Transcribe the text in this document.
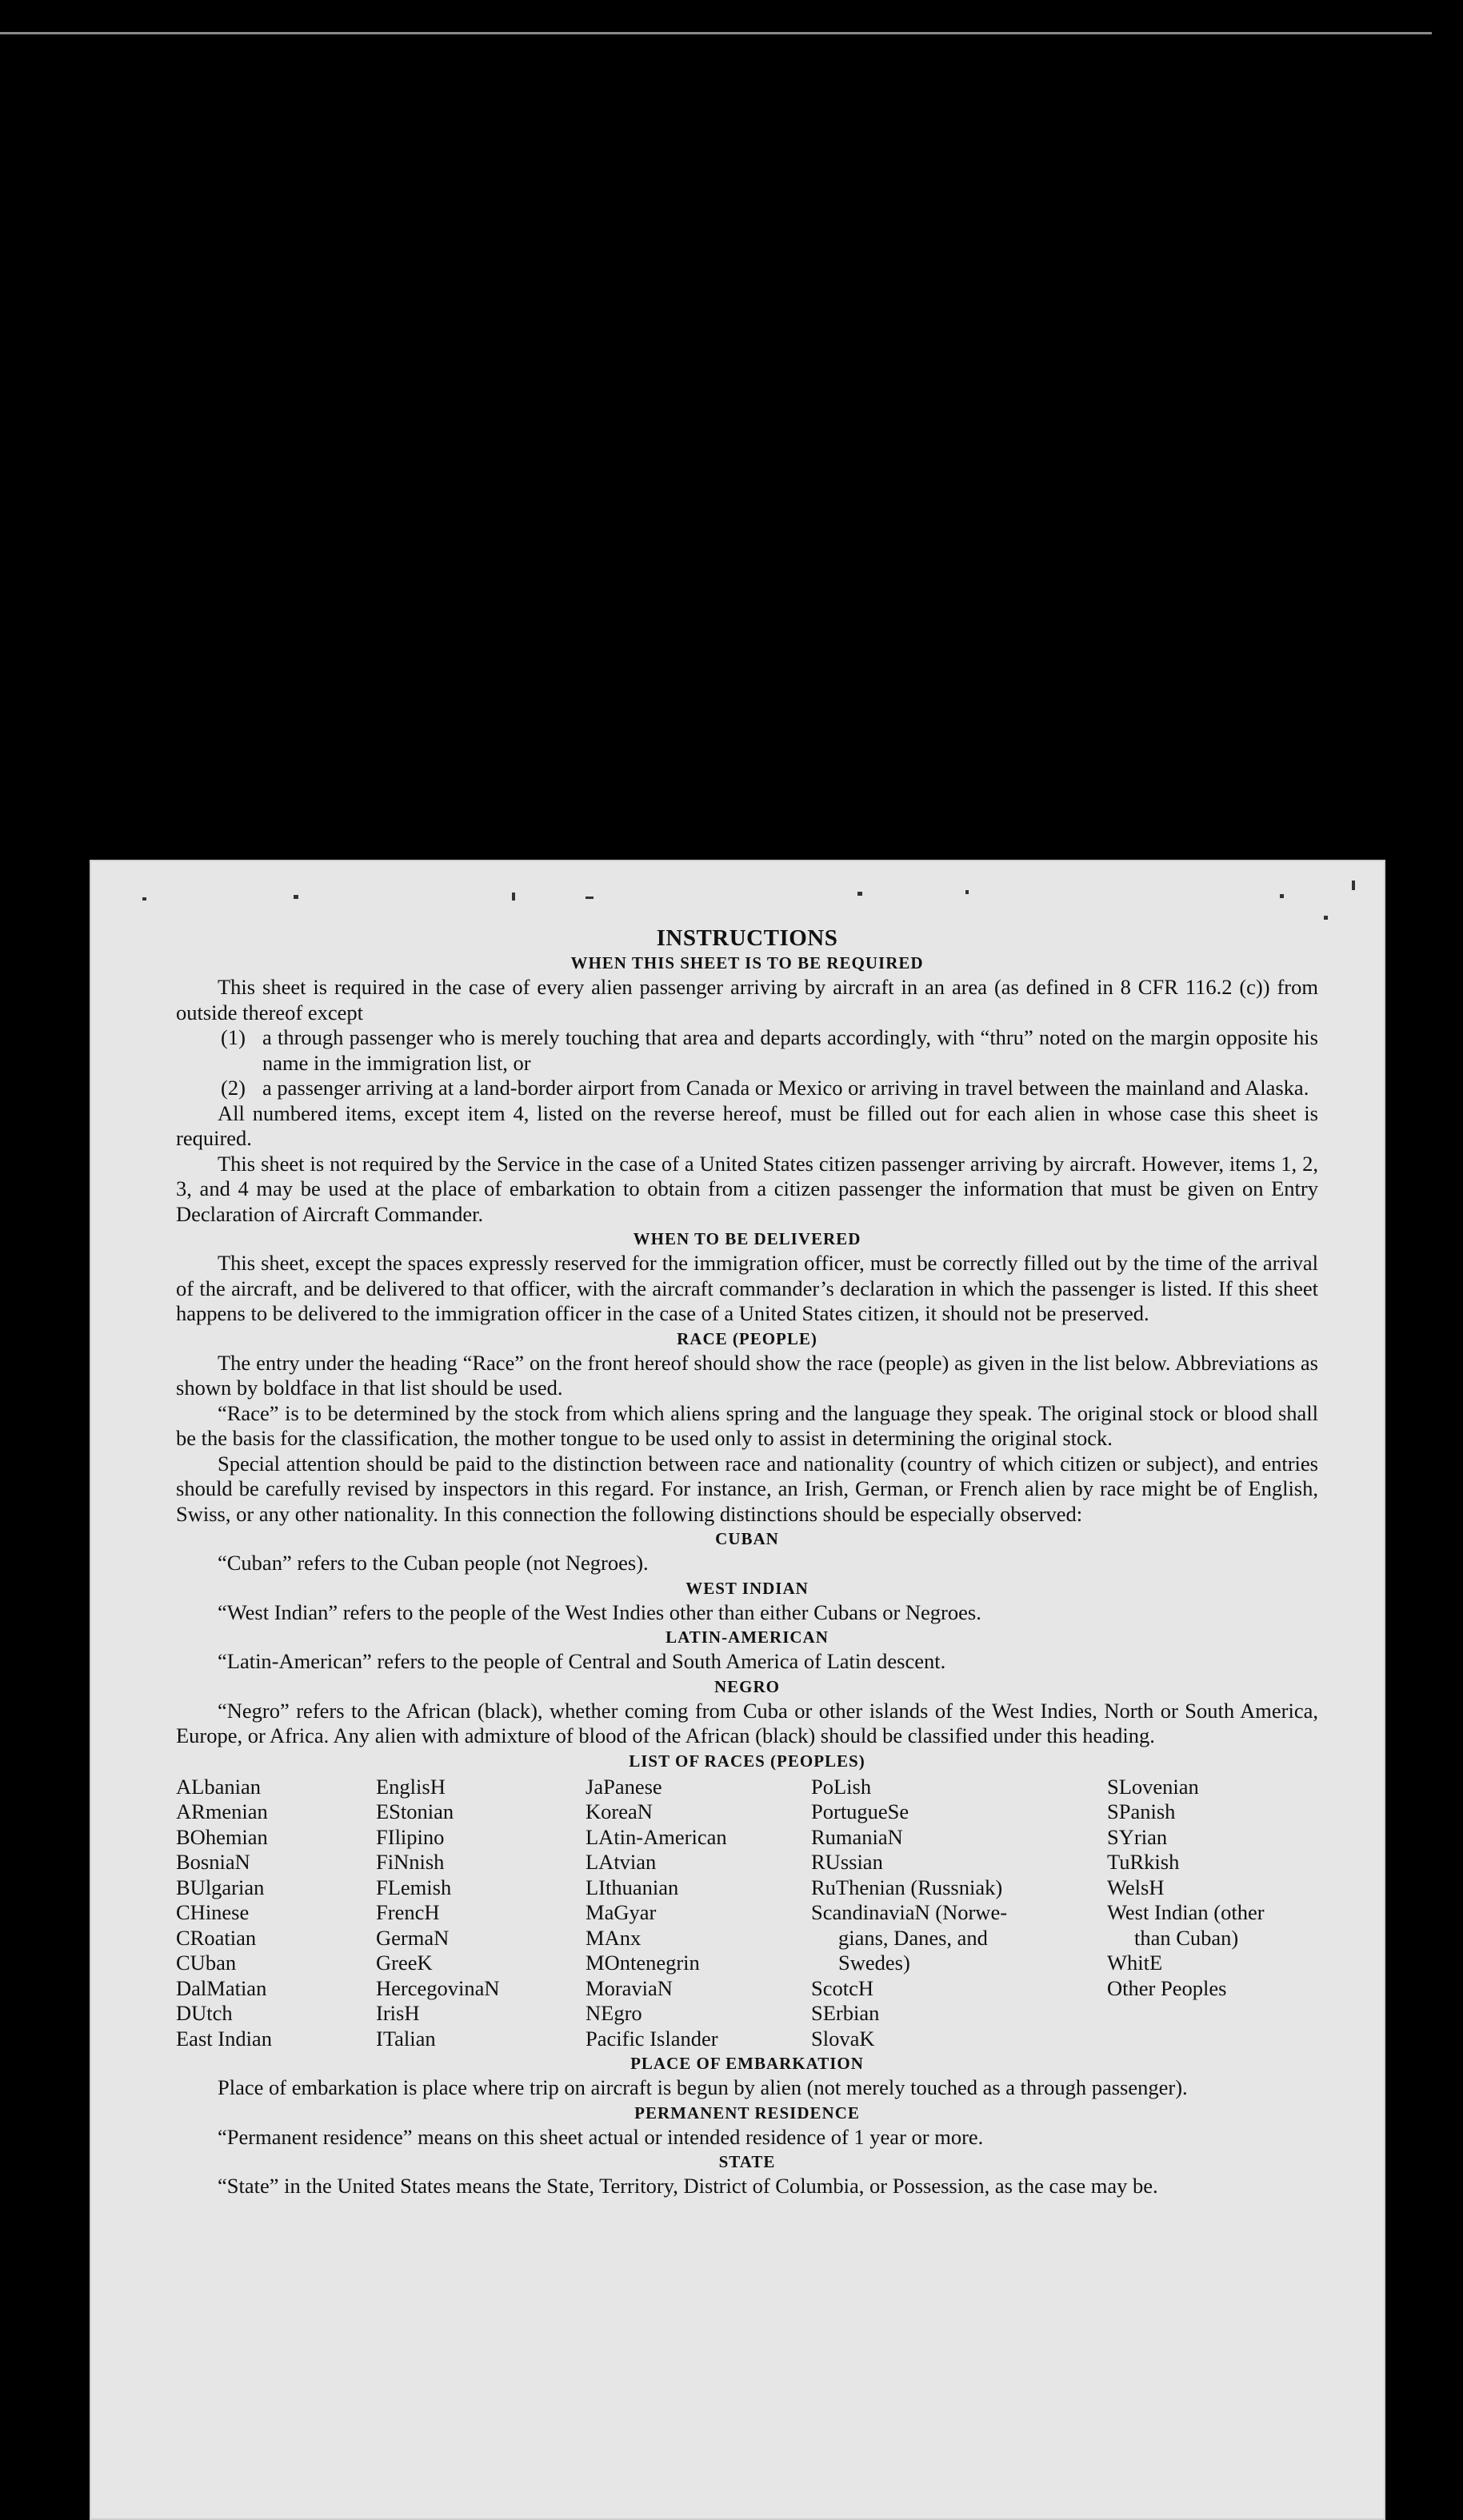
INSTRUCTIONS
WHEN THIS SHEET IS TO BE REQUIRED

This sheet is required in the case of every alien passenger arriving by aircraft in an area (as defined in 8 CFR 116.2 (c)) from outside thereof except

(1) a through passenger who is merely touching that area and departs accordingly, with “thru” noted on the margin opposite his name in the immigration list, or
(2) a passenger arriving at a land-border airport from Canada or Mexico or arriving in travel between the mainland and Alaska.

All numbered items, except item 4, listed on the reverse hereof, must be filled out for each alien in whose case this sheet is required.

This sheet is not required by the Service in the case of a United States citizen passenger arriving by aircraft. However, items 1, 2, 3, and 4 may be used at the place of embarkation to obtain from a citizen passenger the information that must be given on Entry Declaration of Aircraft Commander.

WHEN TO BE DELIVERED

This sheet, except the spaces expressly reserved for the immigration officer, must be correctly filled out by the time of the arrival of the aircraft, and be delivered to that officer, with the aircraft commander’s declaration in which the passenger is listed. If this sheet happens to be delivered to the immigration officer in the case of a United States citizen, it should not be preserved.

RACE (PEOPLE)

The entry under the heading “Race” on the front hereof should show the race (people) as given in the list below. Abbreviations as shown by boldface in that list should be used.

“Race” is to be determined by the stock from which aliens spring and the language they speak. The original stock or blood shall be the basis for the classification, the mother tongue to be used only to assist in determining the original stock.

Special attention should be paid to the distinction between race and nationality (country of which citizen or subject), and entries should be carefully revised by inspectors in this regard. For instance, an Irish, German, or French alien by race might be of English, Swiss, or any other nationality. In this connection the following distinctions should be especially observed:

CUBAN

“Cuban” refers to the Cuban people (not Negroes).

WEST INDIAN

“West Indian” refers to the people of the West Indies other than either Cubans or Negroes.

LATIN-AMERICAN

“Latin-American” refers to the people of Central and South America of Latin descent.

NEGRO

“Negro” refers to the African (black), whether coming from Cuba or other islands of the West Indies, North or South America, Europe, or Africa. Any alien with admixture of blood of the African (black) should be classified under this heading.

LIST OF RACES (PEOPLES)
ALbanian
ARmenian
BOhemian
BosniaN
BUlgarian
CHinese
CRoatian
CUban
DalMatian
DUtch
East Indian
EnglisH
EStonian
FIlipino
FiNnish
FLemish
FrencH
GermaN
GreeK
HercegovinaN
IrisH
ITalian
JaPanese
KoreaN
LAtin-American
LAtvian
LIthuanian
MaGyar
MAnx
MOntenegrin
MoraviaN
NEgro
Pacific Islander
PoLish
PortugueSe
RumaniaN
RUssian
RuThenian (Russniak)
ScandinaviaN (Norwe-
gians, Danes, and
Swedes)
ScotcH
SErbian
SlovaK
SLovenian
SPanish
SYrian
TuRkish
WelsH
West Indian (other
than Cuban)
WhitE
Other Peoples
PLACE OF EMBARKATION

Place of embarkation is place where trip on aircraft is begun by alien (not merely touched as a through passenger).

PERMANENT RESIDENCE

“Permanent residence” means on this sheet actual or intended residence of 1 year or more.

STATE

“State” in the United States means the State, Territory, District of Columbia, or Possession, as the case may be.
